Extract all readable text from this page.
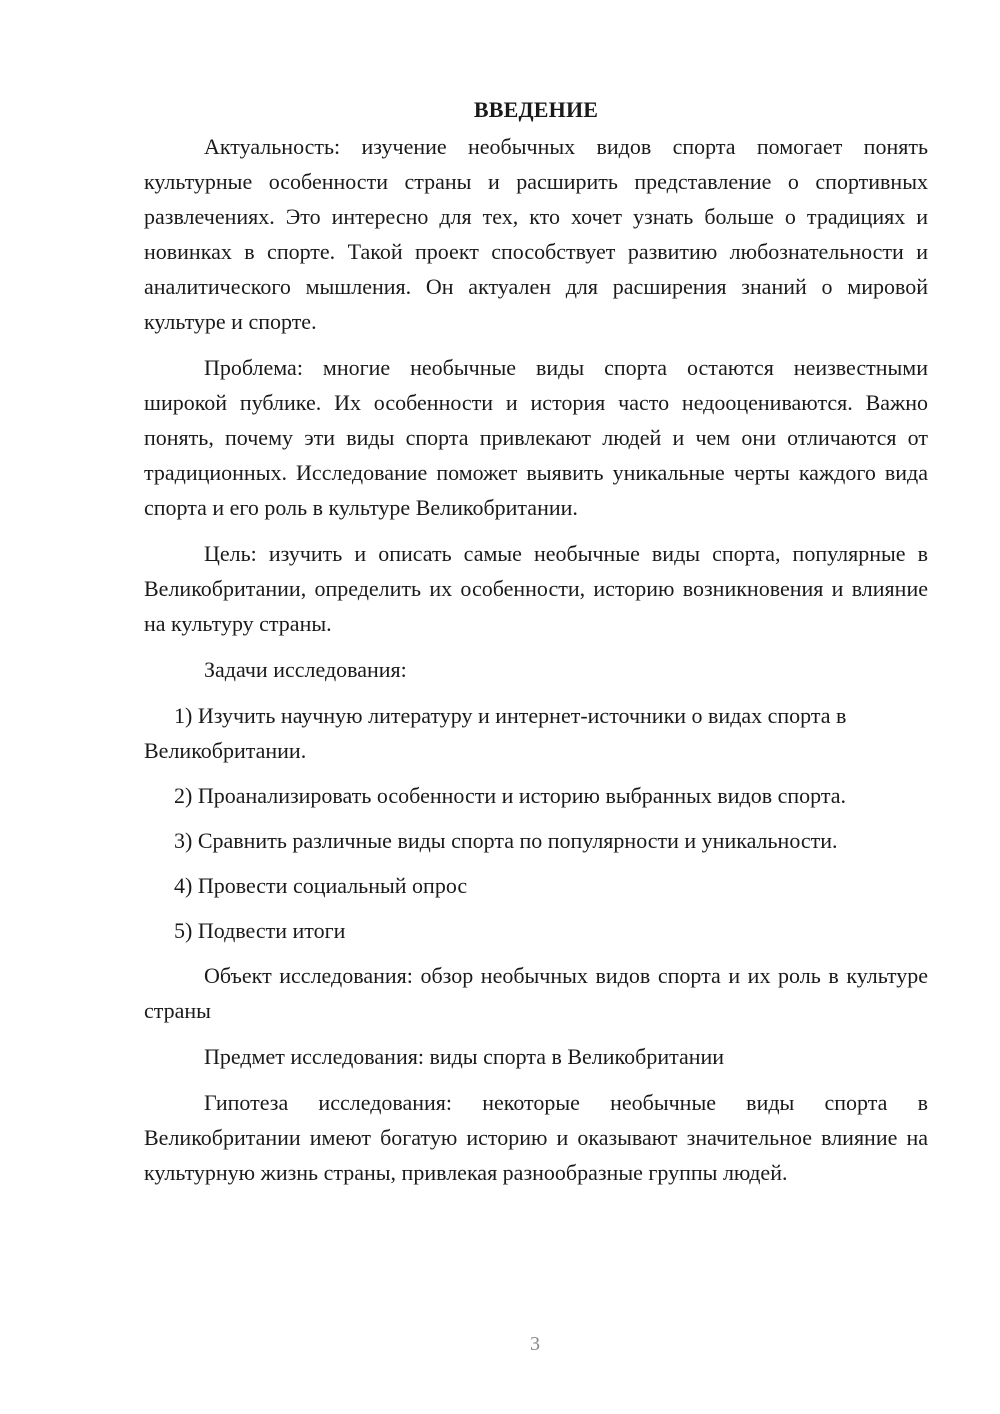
ВВЕДЕНИЕ

Актуальность: изучение необычных видов спорта помогает понять культурные особенности страны и расширить представление о спортивных развлечениях. Это интересно для тех, кто хочет узнать больше о традициях и новинках в спорте. Такой проект способствует развитию любознательности и аналитического мышления. Он актуален для расширения знаний о мировой культуре и спорте.

Проблема: многие необычные виды спорта остаются неизвестными широкой публике. Их особенности и история часто недооцениваются. Важно понять, почему эти виды спорта привлекают людей и чем они отличаются от традиционных. Исследование поможет выявить уникальные черты каждого вида спорта и его роль в культуре Великобритании.

Цель: изучить и описать самые необычные виды спорта, популярные в Великобритании, определить их особенности, историю возникновения и влияние на культуру страны.

Задачи исследования:

1) Изучить научную литературу и интернет-источники о видах спорта в Великобритании.

2) Проанализировать особенности и историю выбранных видов спорта.

3) Сравнить различные виды спорта по популярности и уникальности.

4) Провести социальный опрос

5) Подвести итоги

Объект исследования: обзор необычных видов спорта и их роль в культуре страны

Предмет исследования: виды спорта в Великобритании

Гипотеза исследования: некоторые необычные виды спорта в Великобритании имеют богатую историю и оказывают значительное влияние на культурную жизнь страны, привлекая разнообразные группы людей.

3
